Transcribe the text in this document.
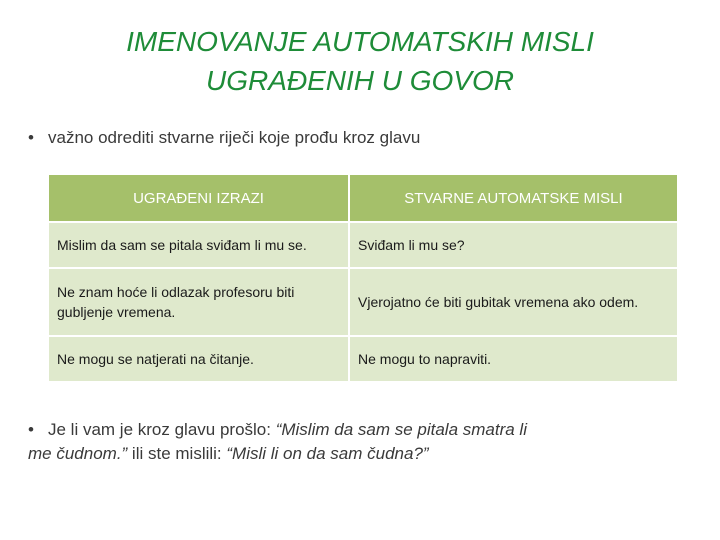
IMENOVANJE AUTOMATSKIH MISLI
UGRAĐENIH U GOVOR
• važno odrediti stvarne riječi koje prođu kroz glavu
UGRAĐENI IZRAZI	STVARNE AUTOMATSKE MISLI
Mislim da sam se pitala sviđam li mu se.	Sviđam li mu se?
Ne znam hoće li odlazak profesoru biti gubljenje vremena.	Vjerojatno će biti gubitak vremena ako odem.
Ne mogu se natjerati na čitanje.	Ne mogu to napraviti.
• Je li vam je kroz glavu prošlo: “Mislim da sam se pitala smatra li me čudnom.” ili ste mislili: “Misli li on da sam čudna?”
